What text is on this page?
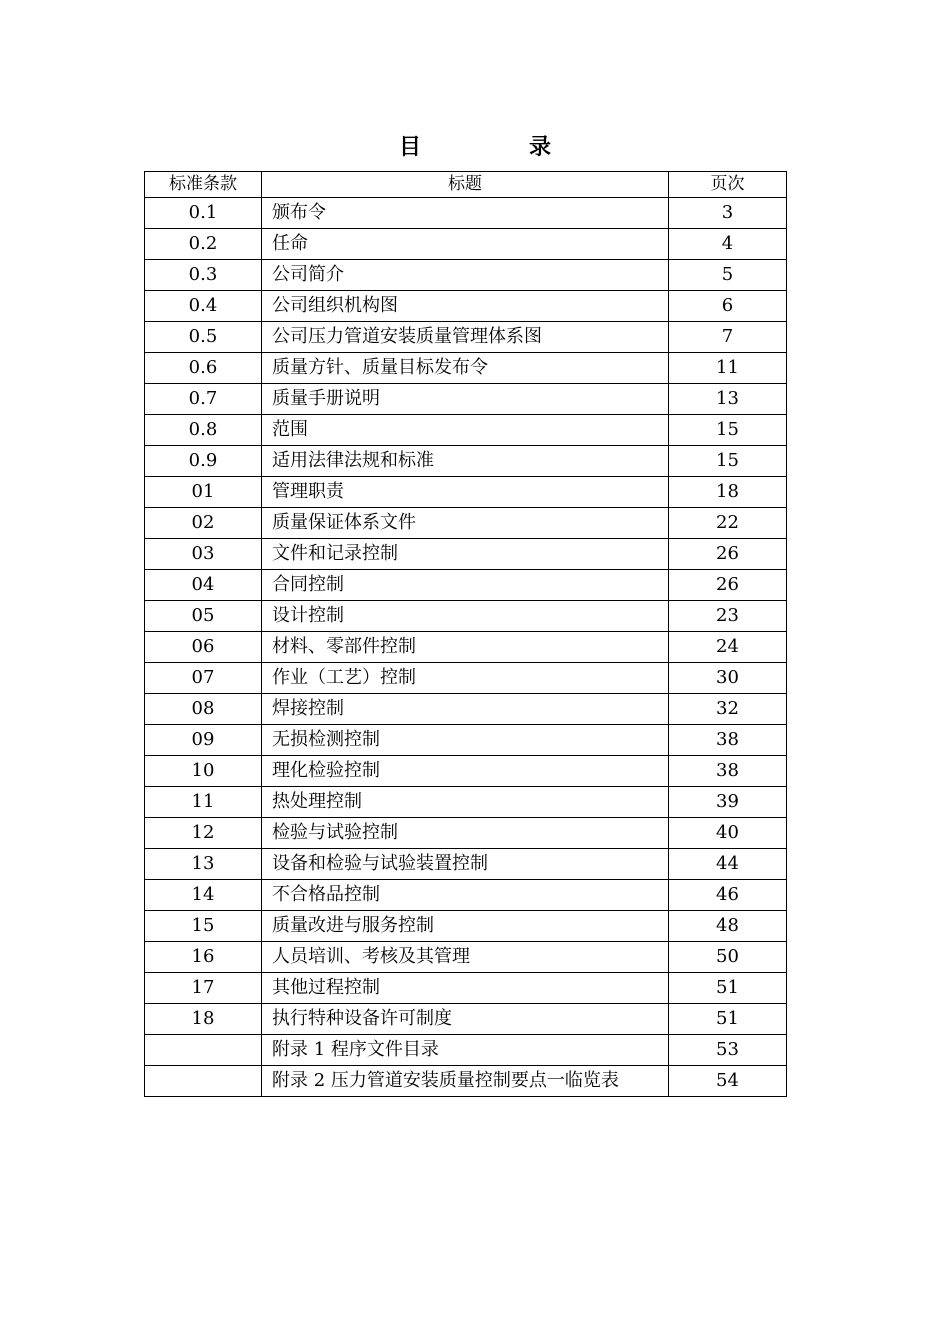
目	录
标准条款	标题	页次
0.1	颁布令	3
0.2	任命	4
0.3	公司简介	5
0.4	公司组织机构图	6
0.5	公司压力管道安装质量管理体系图	7
0.6	质量方针、质量目标发布令	11
0.7	质量手册说明	13
0.8	范围	15
0.9	适用法律法规和标准	15
01	管理职责	18
02	质量保证体系文件	22
03	文件和记录控制	26
04	合同控制	26
05	设计控制	23
06	材料、零部件控制	24
07	作业（工艺）控制	30
08	焊接控制	32
09	无损检测控制	38
10	理化检验控制	38
11	热处理控制	39
12	检验与试验控制	40
13	设备和检验与试验装置控制	44
14	不合格品控制	46
15	质量改进与服务控制	48
16	人员培训、考核及其管理	50
17	其他过程控制	51
18	执行特种设备许可制度	51
	附录 1 程序文件目录	53
	附录 2 压力管道安装质量控制要点一临览表	54
